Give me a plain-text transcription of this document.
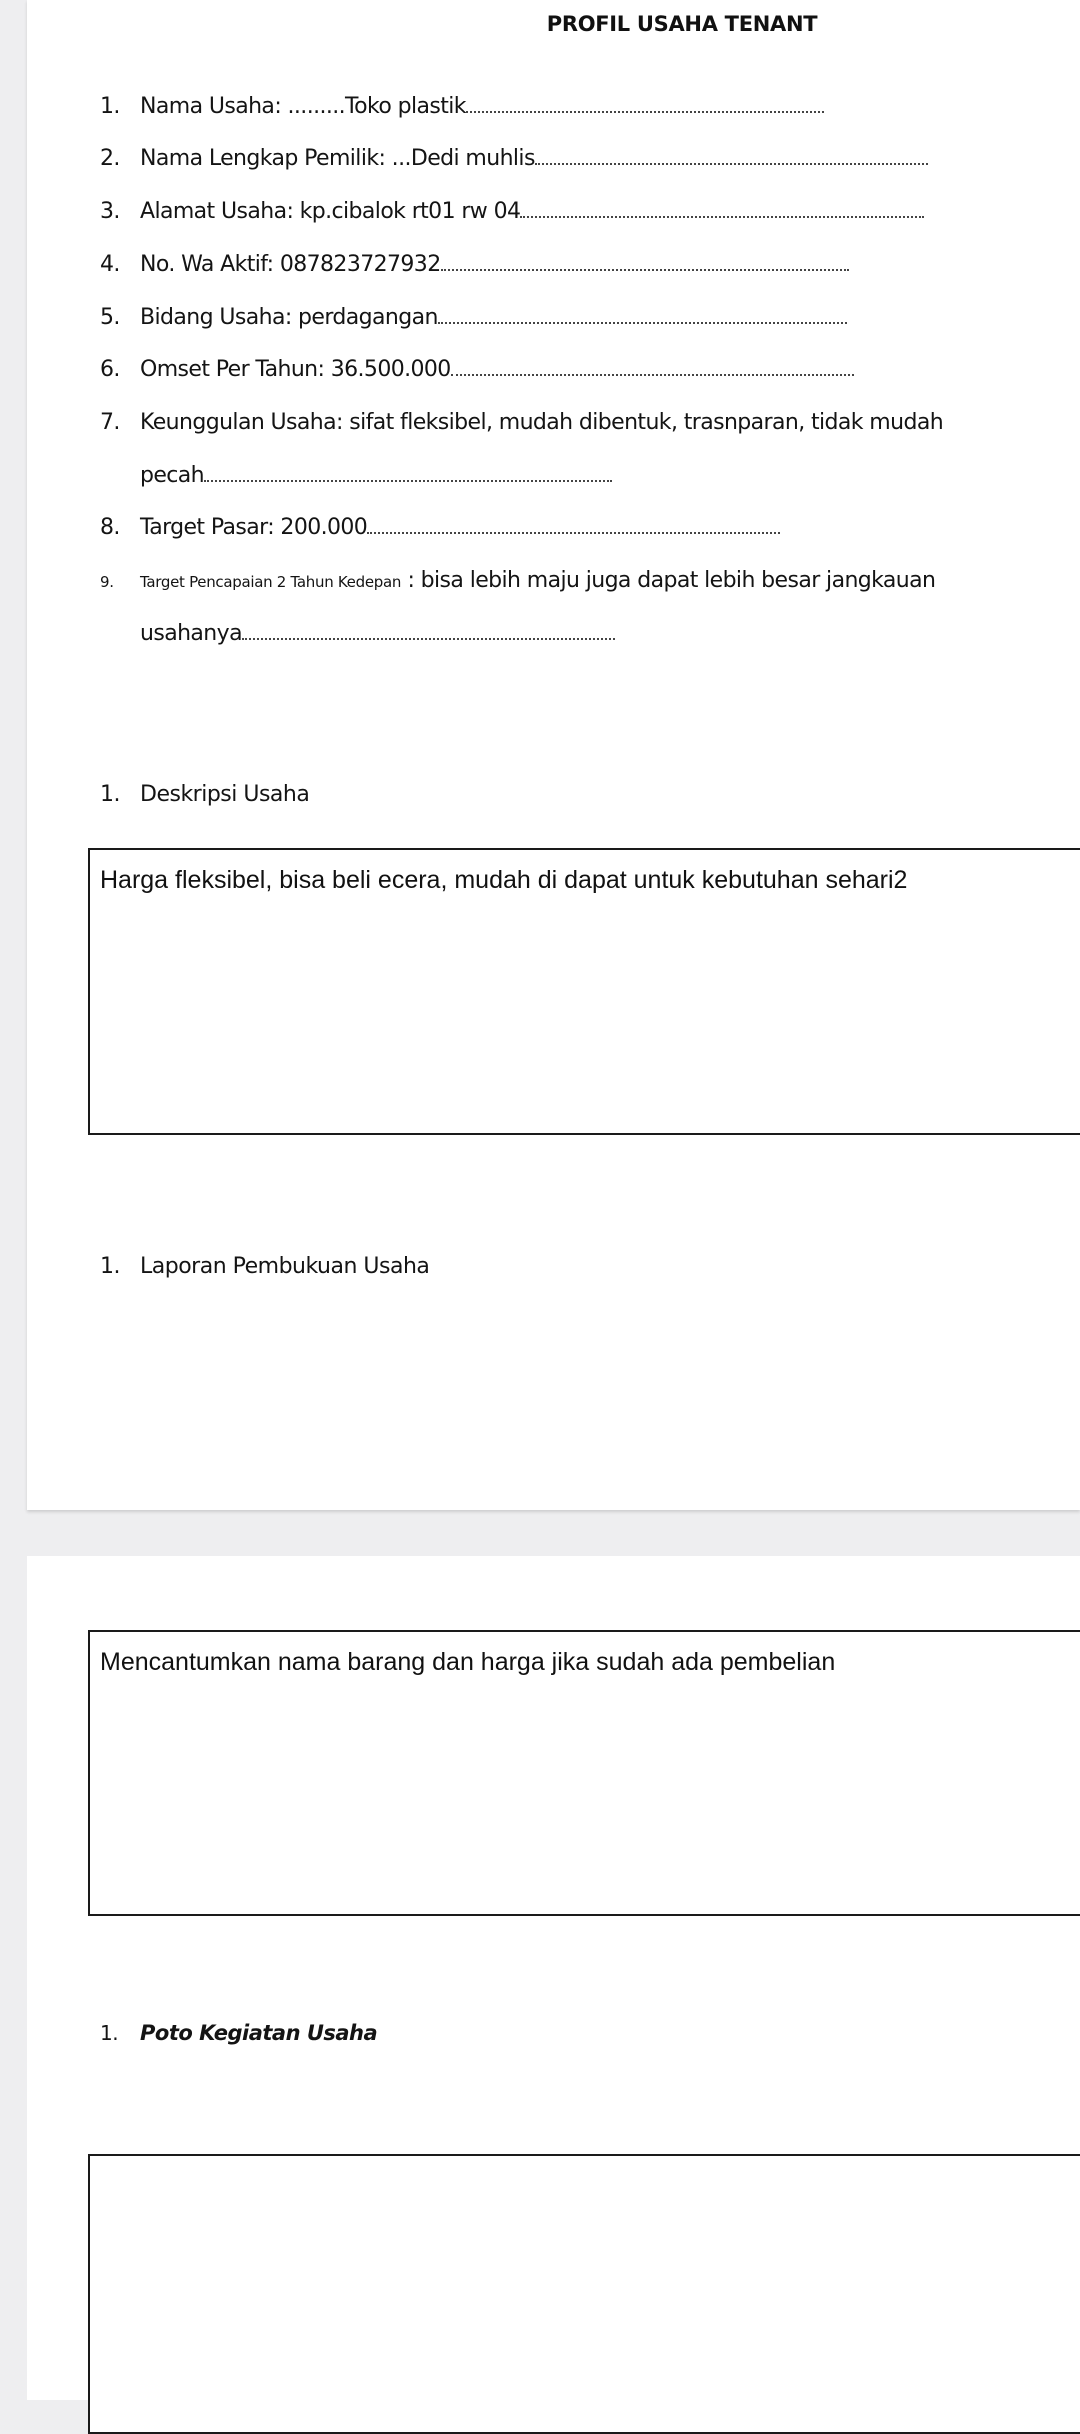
PROFIL USAHA TENANT
1. Nama Usaha: .........Toko plastik
2. Nama Lengkap Pemilik: ...Dedi muhlis
3. Alamat Usaha: kp.cibalok rt01 rw 04
4. No. Wa Aktif: 087823727932
5. Bidang Usaha: perdagangan
6. Omset Per Tahun: 36.500.000
7. Keunggulan Usaha: sifat fleksibel, mudah dibentuk, trasnparan, tidak mudah
pecah
8. Target Pasar: 200.000
9. Target Pencapaian 2 Tahun Kedepan : bisa lebih maju juga dapat lebih besar jangkauan
usahanya
1. Deskripsi Usaha
Harga fleksibel, bisa beli ecera, mudah di dapat untuk kebutuhan sehari2
1. Laporan Pembukuan Usaha
Mencantumkan nama barang dan harga jika sudah ada pembelian
1. Poto Kegiatan Usaha
